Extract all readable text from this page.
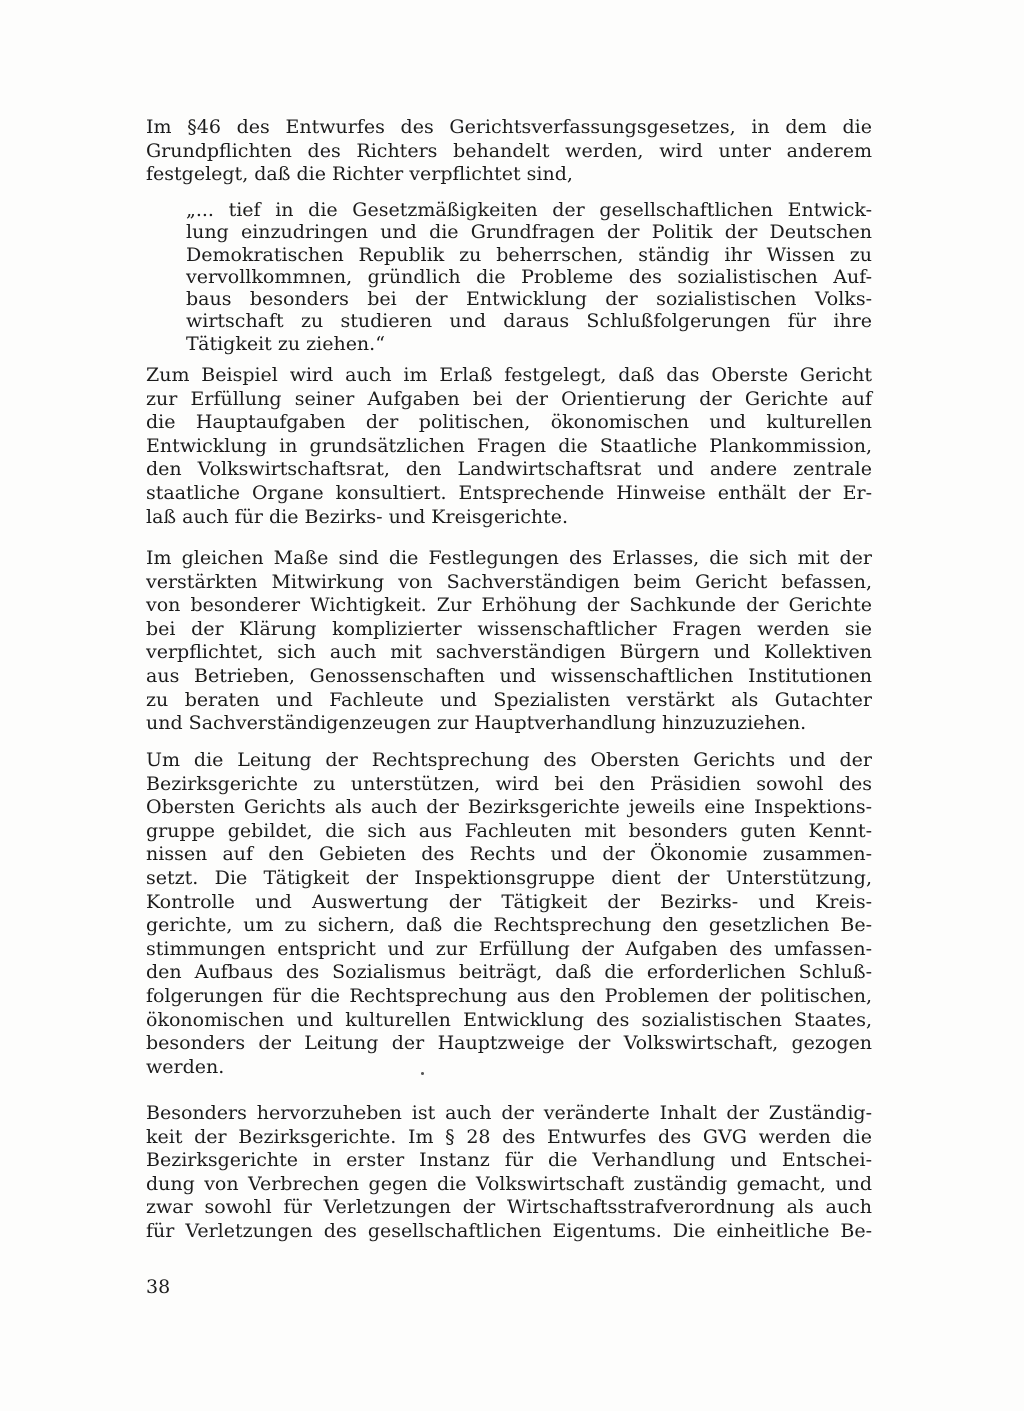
Im §46 des Entwurfes des Gerichtsverfassungsgesetzes, in dem die
Grundpflichten des Richters behandelt werden, wird unter anderem
festgelegt, daß die Richter verpflichtet sind,
„... tief in die Gesetzmäßigkeiten der gesellschaftlichen Entwick-
lung einzudringen und die Grundfragen der Politik der Deutschen
Demokratischen Republik zu beherrschen, ständig ihr Wissen zu
vervollkommnen, gründlich die Probleme des sozialistischen Auf-
baus besonders bei der Entwicklung der sozialistischen Volks-
wirtschaft zu studieren und daraus Schlußfolgerungen für ihre
Tätigkeit zu ziehen.“
Zum Beispiel wird auch im Erlaß festgelegt, daß das Oberste Gericht
zur Erfüllung seiner Aufgaben bei der Orientierung der Gerichte auf
die Hauptaufgaben der politischen, ökonomischen und kulturellen
Entwicklung in grundsätzlichen Fragen die Staatliche Plankommission,
den Volkswirtschaftsrat, den Landwirtschaftsrat und andere zentrale
staatliche Organe konsultiert. Entsprechende Hinweise enthält der Er-
laß auch für die Bezirks- und Kreisgerichte.
Im gleichen Maße sind die Festlegungen des Erlasses, die sich mit der
verstärkten Mitwirkung von Sachverständigen beim Gericht befassen,
von besonderer Wichtigkeit. Zur Erhöhung der Sachkunde der Gerichte
bei der Klärung komplizierter wissenschaftlicher Fragen werden sie
verpflichtet, sich auch mit sachverständigen Bürgern und Kollektiven
aus Betrieben, Genossenschaften und wissenschaftlichen Institutionen
zu beraten und Fachleute und Spezialisten verstärkt als Gutachter
und Sachverständigenzeugen zur Hauptverhandlung hinzuzuziehen.
Um die Leitung der Rechtsprechung des Obersten Gerichts und der
Bezirksgerichte zu unterstützen, wird bei den Präsidien sowohl des
Obersten Gerichts als auch der Bezirksgerichte jeweils eine Inspektions-
gruppe gebildet, die sich aus Fachleuten mit besonders guten Kennt-
nissen auf den Gebieten des Rechts und der Ökonomie zusammen-
setzt. Die Tätigkeit der Inspektionsgruppe dient der Unterstützung,
Kontrolle und Auswertung der Tätigkeit der Bezirks- und Kreis-
gerichte, um zu sichern, daß die Rechtsprechung den gesetzlichen Be-
stimmungen entspricht und zur Erfüllung der Aufgaben des umfassen-
den Aufbaus des Sozialismus beiträgt, daß die erforderlichen Schluß-
folgerungen für die Rechtsprechung aus den Problemen der politischen,
ökonomischen und kulturellen Entwicklung des sozialistischen Staates,
besonders der Leitung der Hauptzweige der Volkswirtschaft, gezogen
werden.
Besonders hervorzuheben ist auch der veränderte Inhalt der Zuständig-
keit der Bezirksgerichte. Im § 28 des Entwurfes des GVG werden die
Bezirksgerichte in erster Instanz für die Verhandlung und Entschei-
dung von Verbrechen gegen die Volkswirtschaft zuständig gemacht, und
zwar sowohl für Verletzungen der Wirtschaftsstrafverordnung als auch
für Verletzungen des gesellschaftlichen Eigentums. Die einheitliche Be-
38
